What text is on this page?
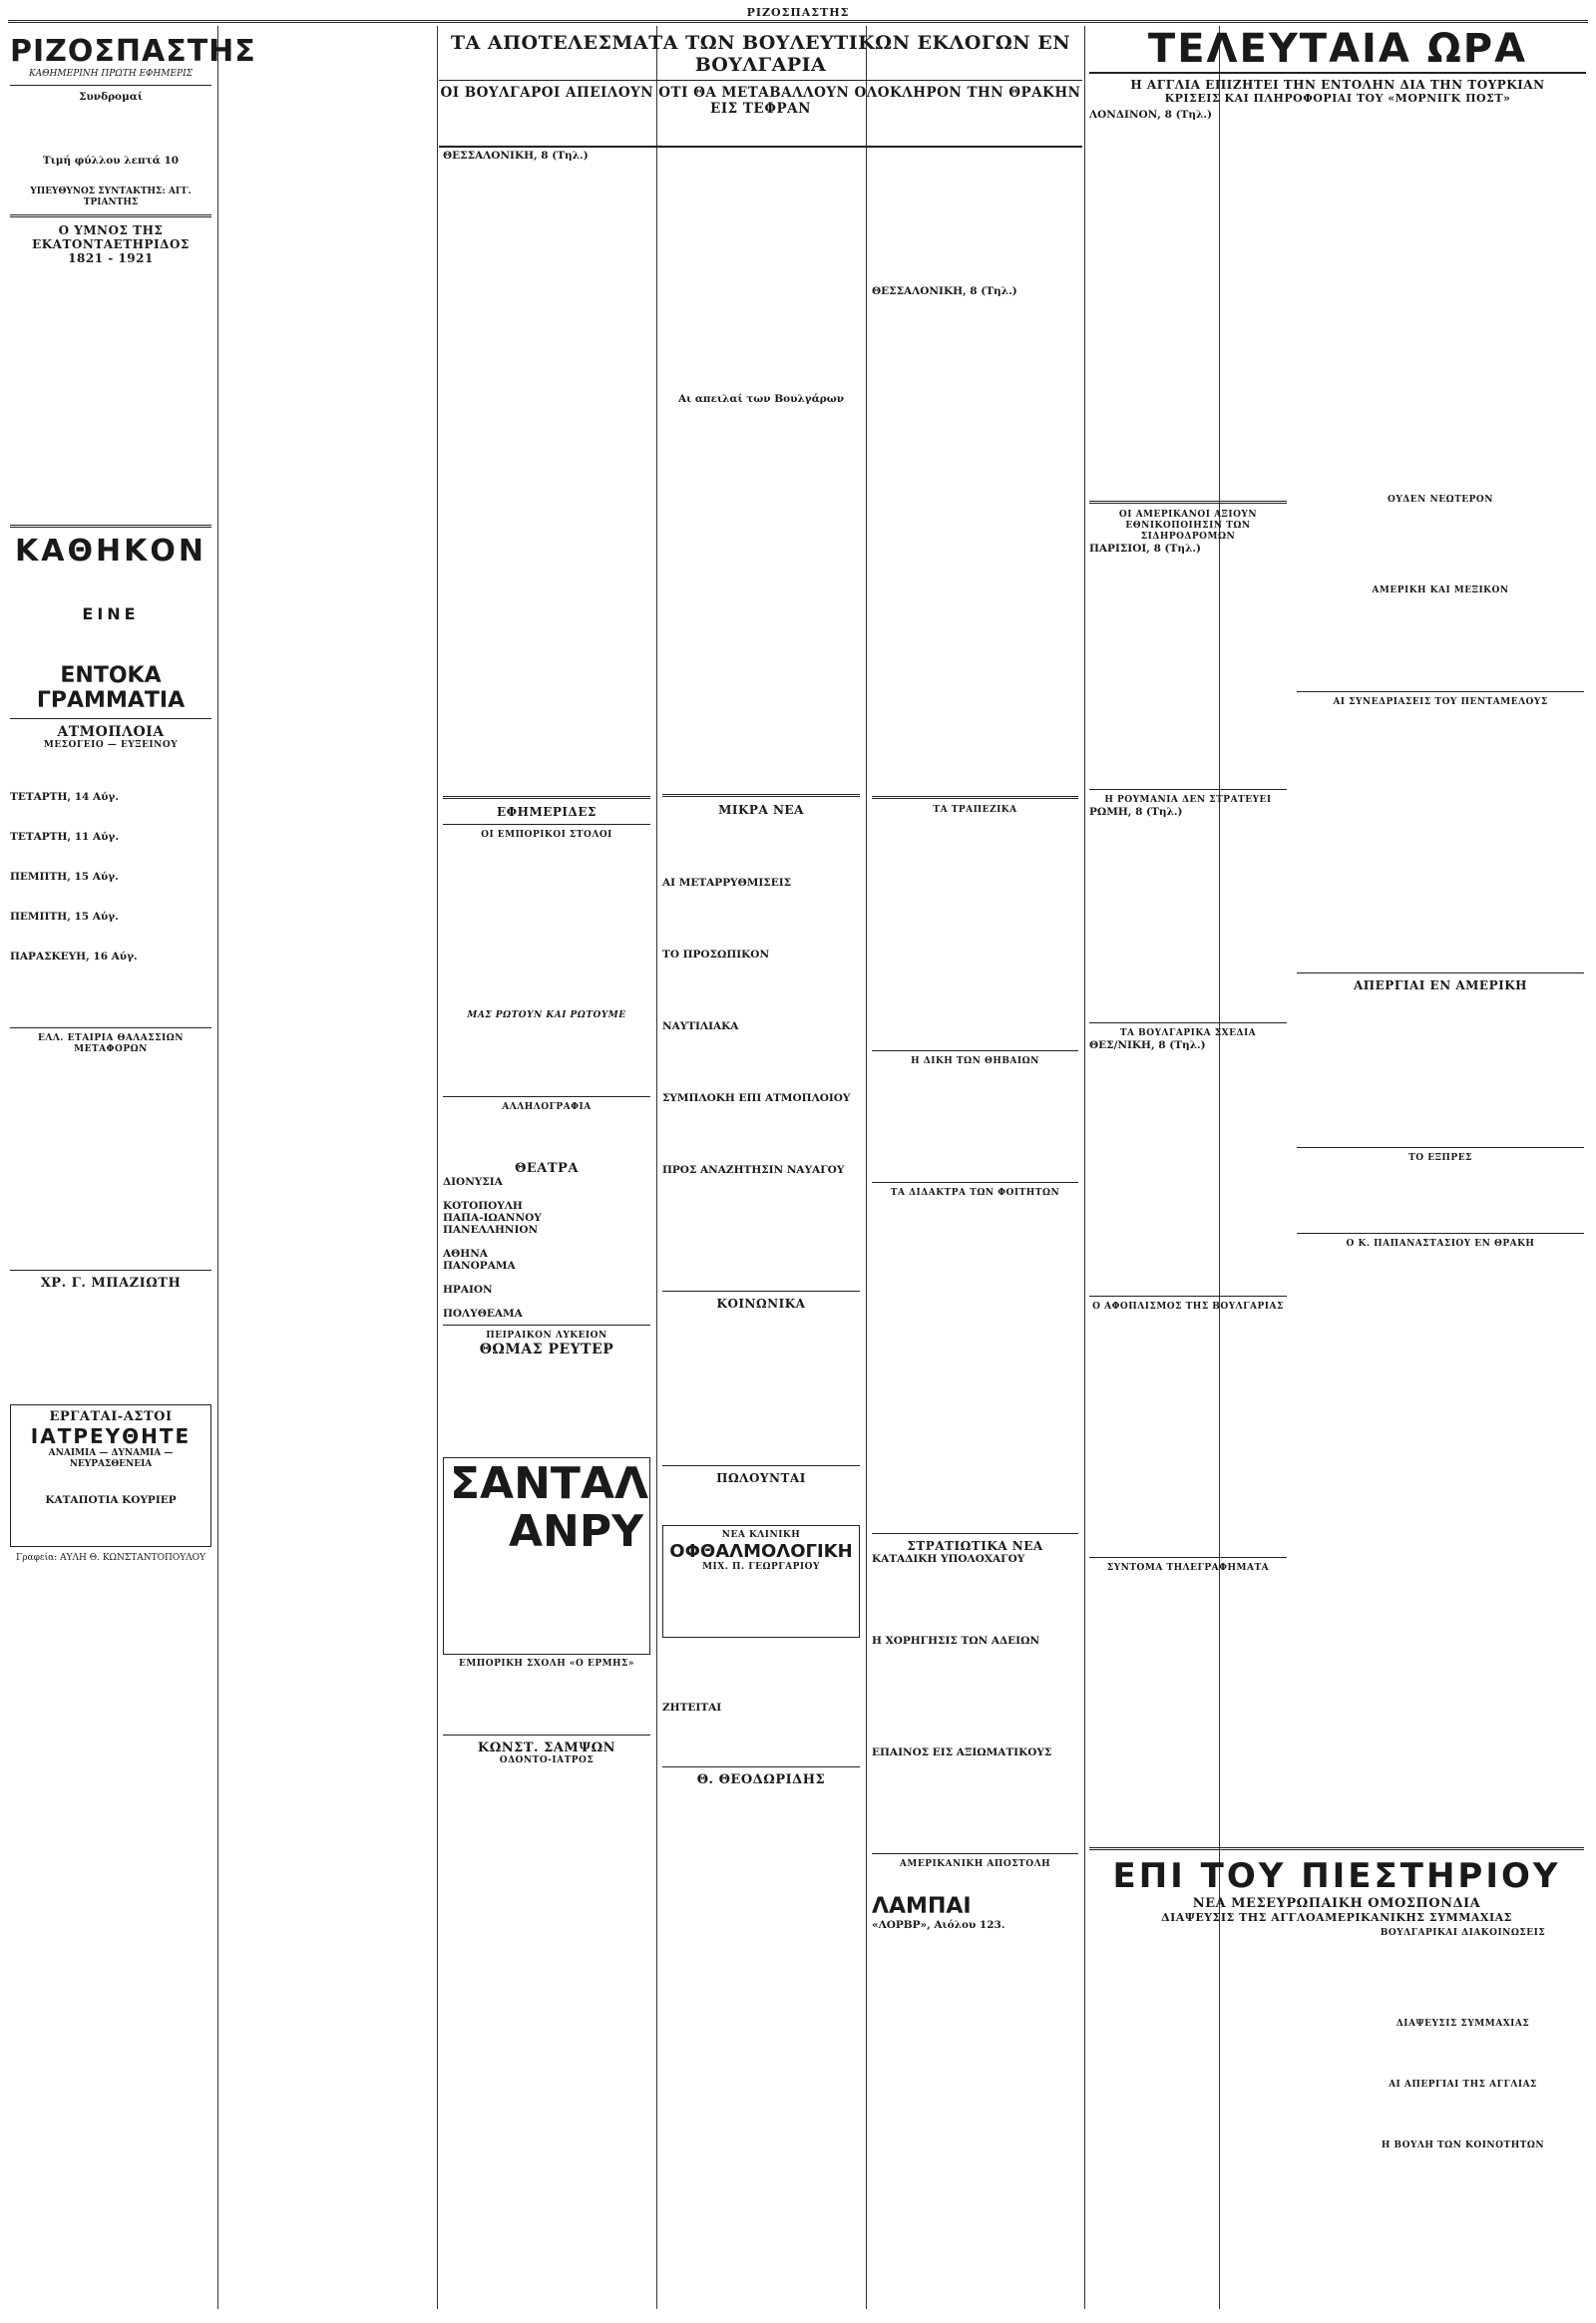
ΡΙΖΟΣΠΑΣΤΗΣ
ΡΙΖΟΣΠΑΣΤΗΣ
ΚΑΘΗΜΕΡΙΝΗ ΠΡΩΤΗ ΕΦΗΜΕΡΙΣ
Συνδρομαί
Τιμή φύλλου λεπτά 10
ΥΠΕΥΘΥΝΟΣ ΣΥΝΤΑΚΤΗΣ: ΑΓΓ. ΤΡΙΑΝΤΗΣ
Ο ΥΜΝΟΣ ΤΗΣ ΕΚΑΤΟΝΤΑΕΤΗΡΙΔΟΣ
1821 - 1921
ΚΑΘΗΚΟΝ
ΕΙΝΕ
ΕΝΤΟΚΑ ΓΡΑΜΜΑΤΙΑ
ΑΤΜΟΠΛΟΙΑ
ΜΕΣΟΓΕΙΟ — ΕΥΞΕΙΝΟΥ
ΤΕΤΑΡΤΗ, 14 Αύγ.
ΤΕΤΑΡΤΗ, 11 Αύγ.
ΠΕΜΠΤΗ, 15 Αύγ.
ΠΕΜΠΤΗ, 15 Αύγ.
ΠΑΡΑΣΚΕΥΗ, 16 Αύγ.
ΕΛΛ. ΕΤΑΙΡΙΑ ΘΑΛΑΣΣΙΩΝ ΜΕΤΑΦΟΡΩΝ
ΧΡ. Γ. ΜΠΑΖΙΩΤΗ
ΕΡΓΑΤΑΙ-ΑΣΤΟΙ
ΙΑΤΡΕΥΘΗΤΕ
ΑΝΑΙΜΙΑ — ΔΥΝΑΜΙΑ — ΝΕΥΡΑΣΘΕΝΕΙΑ
ΚΑΤΑΠΟΤΙΑ ΚΟΥΡΙΕΡ
Γραφεία: ΑΥΛΗ Θ. ΚΩΝΣΤΑΝΤΟΠΟΥΛΟΥ
ΤΑ ΑΠΟΤΕΛΕΣΜΑΤΑ ΤΩΝ ΒΟΥΛΕΥΤΙΚΩΝ ΕΚΛΟΓΩΝ ΕΝ ΒΟΥΛΓΑΡΙΑ
ΟΙ ΒΟΥΛΓΑΡΟΙ ΑΠΕΙΛΟΥΝ ΟΤΙ ΘΑ ΜΕΤΑΒΑΛΛΟΥΝ ΟΛΟΚΛΗΡΟΝ ΤΗΝ ΘΡΑΚΗΝ ΕΙΣ ΤΕΦΡΑΝ
ΘΕΣΣΑΛΟΝΙΚΗ, 8 (Τηλ.)
ΕΦΗΜΕΡΙΔΕΣ
ΟΙ ΕΜΠΟΡΙΚΟΙ ΣΤΟΛΟΙ
ΜΑΣ ΡΩΤΟΥΝ ΚΑΙ ΡΩΤΟΥΜΕ
ΑΛΛΗΛΟΓΡΑΦΙΑ
ΘΕΑΤΡΑ
ΔΙΟΝΥΣΙΑ
ΚΟΤΟΠΟΥΛΗ
ΠΑΠΑ-ΙΩΑΝΝΟΥ
ΠΑΝΕΛΛΗΝΙΟΝ
ΑΘΗΝΑ
ΠΑΝΟΡΑΜΑ
ΗΡΑΙΟΝ
ΠΟΛΥΘΕΑΜΑ
ΠΕΙΡΑΙΚΟΝ ΛΥΚΕΙΟΝ
ΘΩΜΑΣ ΡΕΥΤΕΡ
ΣΑΝΤΑΛ
ΑΝΡΥ
ΕΜΠΟΡΙΚΗ ΣΧΟΛΗ «Ο ΕΡΜΗΣ»
ΚΩΝΣΤ. ΣΑΜΨΩΝ
ΟΔΟΝΤΟ-ΙΑΤΡΟΣ
Αι απειλαί των Βουλγάρων
ΜΙΚΡΑ ΝΕΑ
ΑΙ ΜΕΤΑΡΡΥΘΜΙΣΕΙΣ
ΤΟ ΠΡΟΣΩΠΙΚΟΝ
ΝΑΥΤΙΛΙΑΚΑ
ΣΥΜΠΛΟΚΗ ΕΠΙ ΑΤΜΟΠΛΟΙΟΥ
ΠΡΟΣ ΑΝΑΖΗΤΗΣΙΝ ΝΑΥΑΓΟΥ
ΚΟΙΝΩΝΙΚΑ
ΠΩΛΟΥΝΤΑΙ
ΝΕΑ ΚΛΙΝΙΚΗ
ΟΦΘΑΛΜΟΛΟΓΙΚΗ
ΜΙΧ. Π. ΓΕΩΡΓΑΡΙΟΥ
ΖΗΤΕΙΤΑΙ
Θ. ΘΕΟΔΩΡΙΔΗΣ
ΘΕΣΣΑΛΟΝΙΚΗ, 8 (Τηλ.)
ΤΑ ΤΡΑΠΕΖΙΚΑ
Η ΔΙΚΗ ΤΩΝ ΘΗΒΑΙΩΝ
ΤΑ ΔΙΔΑΚΤΡΑ ΤΩΝ ΦΟΙΤΗΤΩΝ
ΣΤΡΑΤΙΩΤΙΚΑ ΝΕΑ
ΚΑΤΑΔΙΚΗ ΥΠΟΛΟΧΑΓΟΥ
Η ΧΟΡΗΓΗΣΙΣ ΤΩΝ ΑΔΕΙΩΝ
ΕΠΑΙΝΟΣ ΕΙΣ ΑΞΙΩΜΑΤΙΚΟΥΣ
ΑΜΕΡΙΚΑΝΙΚΗ ΑΠΟΣΤΟΛΗ
ΛΑΜΠΑΙ
«ΛΟΡΒΡ», Αιόλου 123.
ΤΕΛΕΥΤΑΙΑ ΩΡΑ
Η ΑΓΓΛΙΑ ΕΠΙΖΗΤΕΙ ΤΗΝ ΕΝΤΟΛΗΝ ΔΙΑ ΤΗΝ ΤΟΥΡΚΙΑΝ
ΚΡΙΣΕΙΣ ΚΑΙ ΠΛΗΡΟΦΟΡΙΑΙ ΤΟΥ «ΜΟΡΝΙΓΚ ΠΟΣΤ»
ΛΟΝΔΙΝΟΝ, 8 (Τηλ.)
ΟΙ ΑΜΕΡΙΚΑΝΟΙ ΑΞΙΟΥΝ ΕΘΝΙΚΟΠΟΙΗΣΙΝ ΤΩΝ ΣΙΔΗΡΟΔΡΟΜΩΝ
ΠΑΡΙΣΙΟΙ, 8 (Τηλ.)
Η ΡΟΥΜΑΝΙΑ ΔΕΝ ΣΤΡΑΤΕΥΕΙ
ΡΩΜΗ, 8 (Τηλ.)
ΤΑ ΒΟΥΛΓΑΡΙΚΑ ΣΧΕΔΙΑ
ΘΕΣ/ΝΙΚΗ, 8 (Τηλ.)
Ο ΑΦΟΠΛΙΣΜΟΣ ΤΗΣ ΒΟΥΛΓΑΡΙΑΣ
ΣΥΝΤΟΜΑ ΤΗΛΕΓΡΑΦΗΜΑΤΑ
ΟΥΔΕΝ ΝΕΩΤΕΡΟΝ
ΑΜΕΡΙΚΗ ΚΑΙ ΜΕΞΙΚΟΝ
ΑΙ ΣΥΝΕΔΡΙΑΣΕΙΣ ΤΟΥ ΠΕΝΤΑΜΕΛΟΥΣ
ΑΠΕΡΓΙΑΙ ΕΝ ΑΜΕΡΙΚΗ
ΤΟ ΕΞΠΡΕΣ
Ο Κ. ΠΑΠΑΝΑΣΤΑΣΙΟΥ ΕΝ ΘΡΑΚΗ
ΕΠΙ ΤΟΥ ΠΙΕΣΤΗΡΙΟΥ
ΝΕΑ ΜΕΣΕΥΡΩΠΑΙΚΗ ΟΜΟΣΠΟΝΔΙΑ
ΔΙΑΨΕΥΣΙΣ ΤΗΣ ΑΓΓΛΟΑΜΕΡΙΚΑΝΙΚΗΣ ΣΥΜΜΑΧΙΑΣ
ΒΟΥΛΓΑΡΙΚΑΙ ΔΙΑΚΟΙΝΩΣΕΙΣ
ΔΙΑΨΕΥΣΙΣ ΣΥΜΜΑΧΙΑΣ
ΑΙ ΑΠΕΡΓΙΑΙ ΤΗΣ ΑΓΓΛΙΑΣ
Η ΒΟΥΛΗ ΤΩΝ ΚΟΙΝΟΤΗΤΩΝ
